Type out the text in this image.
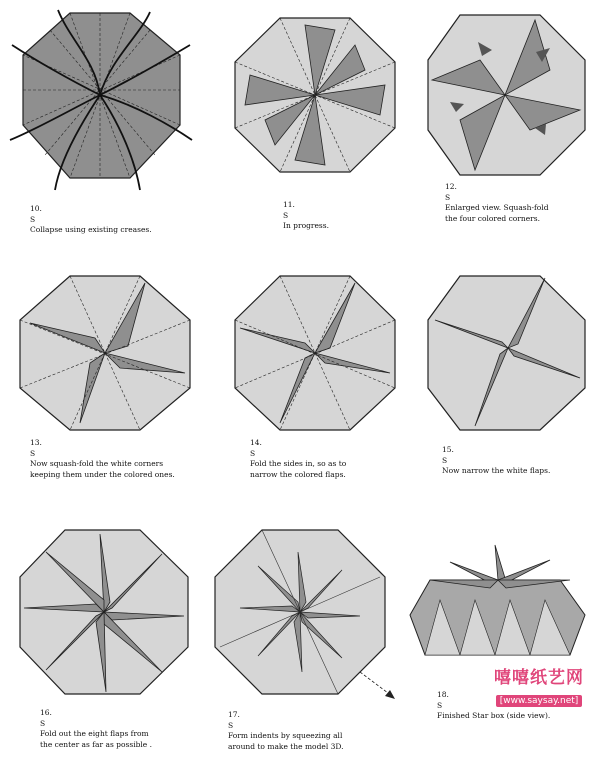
10.
S
Collapse using existing creases.
11.
S
In progress.
12.
S
Enlarged view. Squash-fold
the four colored corners.
13.
S
Now squash-fold the white corners
keeping them under the colored ones.
14.
S
Fold the sides in, so as to
narrow the colored flaps.
15.
S
Now narrow the white flaps.
16.
S
Fold out the eight flaps from
the center as far as possible .
17.
S
Form indents by squeezing all
around to make the model 3D.
18.
S
Finished Star box (side view).
嘻嘻纸艺网
[www.saysay.net]
